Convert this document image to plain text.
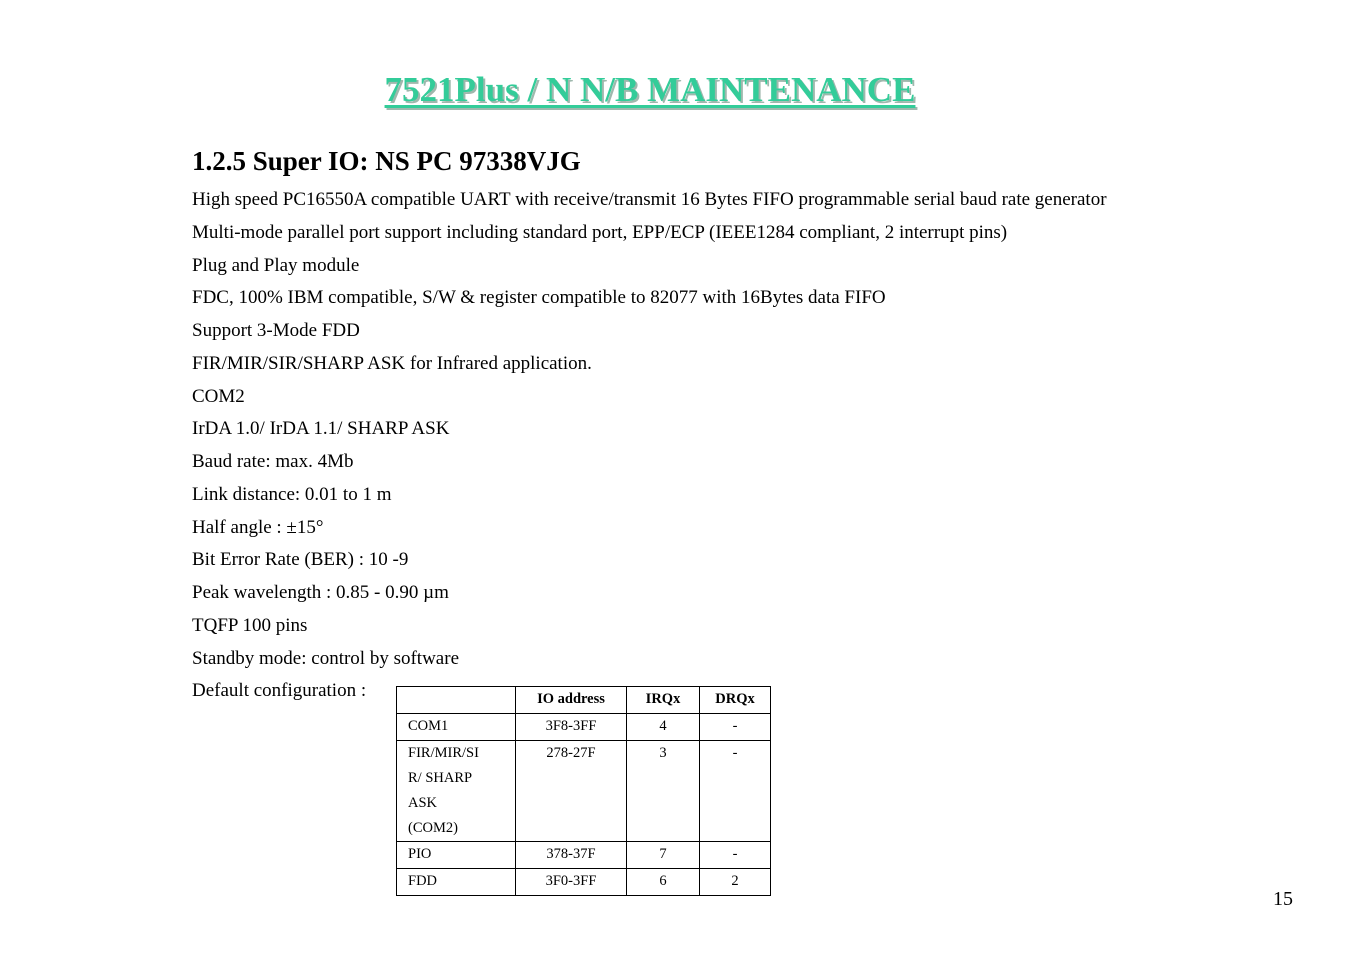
7521Plus / N N/B MAINTENANCE
1.2.5 Super IO: NS PC 97338VJG
High speed PC16550A compatible UART with receive/transmit 16 Bytes FIFO programmable serial baud rate generator
Multi-mode parallel port support including standard port, EPP/ECP (IEEE1284 compliant, 2 interrupt pins)
Plug and Play module
FDC, 100% IBM compatible, S/W & register compatible to 82077 with 16Bytes data FIFO
Support 3-Mode FDD
FIR/MIR/SIR/SHARP ASK for Infrared application.
COM2
IrDA 1.0/ IrDA 1.1/ SHARP ASK
Baud rate: max. 4Mb
Link distance: 0.01 to 1 m
Half angle : ±15°
Bit Error Rate (BER) : 10 -9
Peak wavelength : 0.85 - 0.90 µm
TQFP 100 pins
Standby mode: control by software
Default configuration :
		IO address	IRQx	DRQx
COM1	3F8-3FF	4	-

FIR/MIR/SI
R/ SHARP
ASK
(COM2)	278-27F	3	-
PIO	378-37F	7	-
FDD	3F0-3FF	6	2
15
